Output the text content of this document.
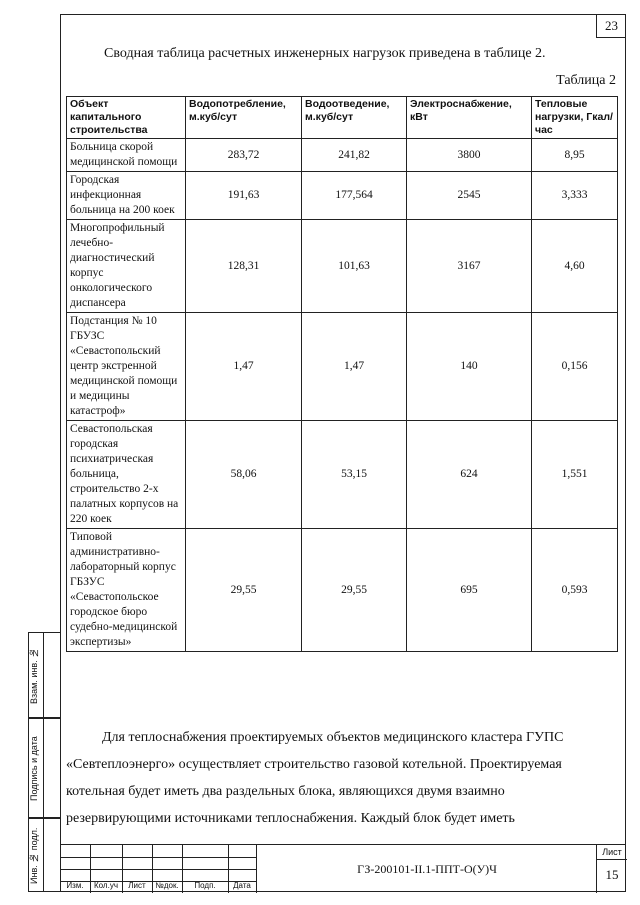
23
Сводная таблица расчетных инженерных нагрузок приведена в таблице 2.
Таблица 2
Объект капитального строительства	Водопотребление, м.куб/сут	Водоотведение, м.куб/сут	Электроснабжение, кВт	Тепловые нагрузки, Гкал/час
Больница скорой медицинской помощи	283,72	241,82	3800	8,95
Городская инфекционная больница на 200 коек	191,63	177,564	2545	3,333
Многопрофильный лечебно-диагностический корпус онкологического диспансера	128,31	101,63	3167	4,60
Подстанция № 10 ГБУЗС «Севастопольский центр экстренной медицинской помощи и медицины катастроф»	1,47	1,47	140	0,156
Севастопольская городская психиатрическая больница, строительство 2-х палатных корпусов на 220 коек	58,06	53,15	624	1,551
Типовой административно-лабораторный корпус ГБЗУС «Севастопольское городское бюро судебно-медицинской экспертизы»	29,55	29,55	695	0,593
Для теплоснабжения проектируемых объектов медицинского кластера ГУПС
«Севтеплоэнерго» осуществляет строительство газовой котельной. Проектируемая
котельная будет иметь два раздельных блока, являющихся двумя взаимно
резервирующими источниками теплоснабжения. Каждый блок будет иметь
Взам. инв. №
Подпись и дата
Инв. № подл.
Изм.	Кол.уч	Лист	№док.	Подп.	Дата
ГЗ-200101-II.1-ППТ-О(У)Ч
Лист
15
